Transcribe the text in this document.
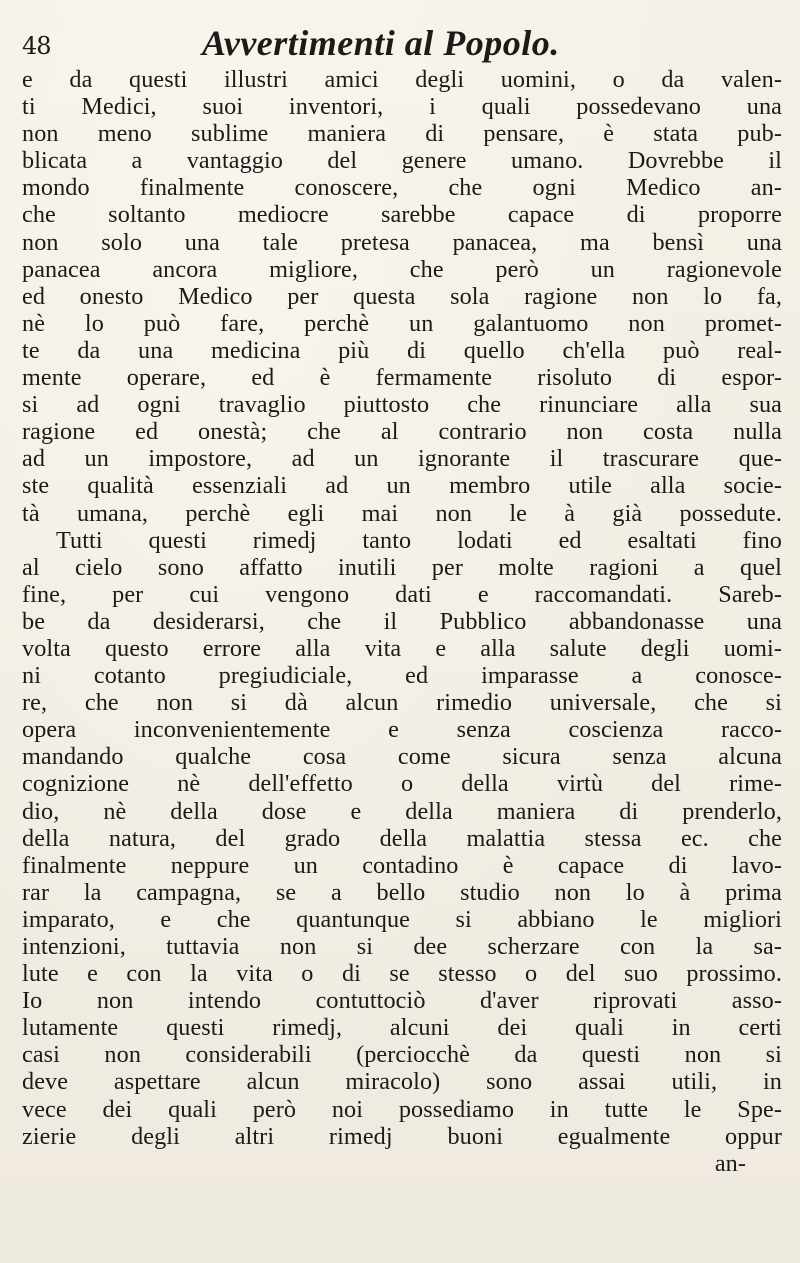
48	Avvertimenti al Popolo.
e da questi illustri amici degli uomini, o da valen-
ti Medici, suoi inventori, i quali possedevano una
non meno sublime maniera di pensare, è stata pub-
blicata a vantaggio del genere umano. Dovrebbe il
mondo finalmente conoscere, che ogni Medico an-
che soltanto mediocre sarebbe capace di proporre
non solo una tale pretesa panacea, ma bensì una
panacea ancora migliore, che però un ragionevole
ed onesto Medico per questa sola ragione non lo fa,
nè lo può fare, perchè un galantuomo non promet-
te da una medicina più di quello ch'ella può real-
mente operare, ed è fermamente risoluto di espor-
si ad ogni travaglio piuttosto che rinunciare alla sua
ragione ed onestà; che al contrario non costa nulla
ad un impostore, ad un ignorante il trascurare que-
ste qualità essenziali ad un membro utile alla socie-
tà umana, perchè egli mai non le à già possedute.
Tutti questi rimedj tanto lodati ed esaltati fino
al cielo sono affatto inutili per molte ragioni a quel
fine, per cui vengono dati e raccomandati. Sareb-
be da desiderarsi, che il Pubblico abbandonasse una
volta questo errore alla vita e alla salute degli uomi-
ni cotanto pregiudiciale, ed imparasse a conosce-
re, che non si dà alcun rimedio universale, che si
opera inconvenientemente e senza coscienza racco-
mandando qualche cosa come sicura senza alcuna
cognizione nè dell'effetto o della virtù del rime-
dio, nè della dose e della maniera di prenderlo,
della natura, del grado della malattia stessa ec. che
finalmente neppure un contadino è capace di lavo-
rar la campagna, se a bello studio non lo à prima
imparato, e che quantunque si abbiano le migliori
intenzioni, tuttavia non si dee scherzare con la sa-
lute e con la vita o di se stesso o del suo prossimo.
Io non intendo contuttociò d'aver riprovati asso-
lutamente questi rimedj, alcuni dei quali in certi
casi non considerabili (perciocchè da questi non si
deve aspettare alcun miracolo) sono assai utili, in
vece dei quali però noi possediamo in tutte le Spe-
zierie degli altri rimedj buoni egualmente oppur
an-
